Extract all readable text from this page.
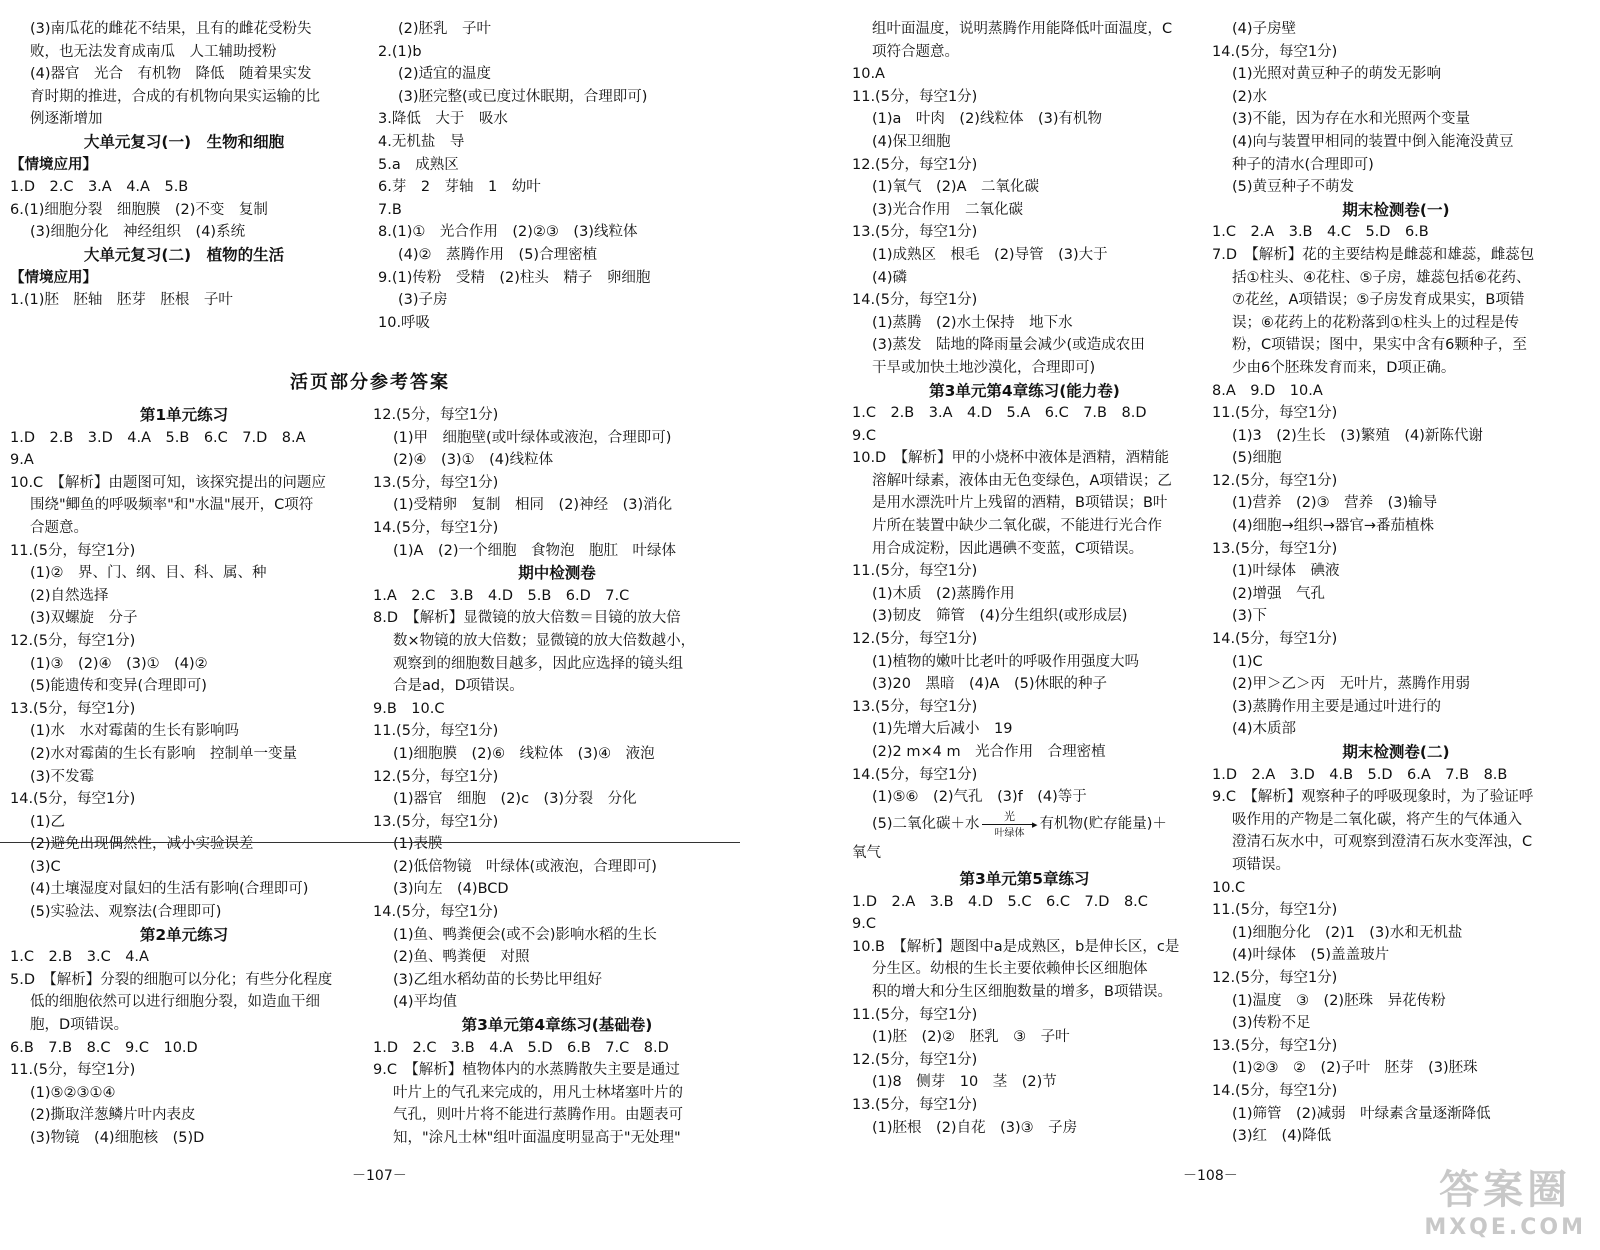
(3)南瓜花的雌花不结果，且有的雌花受粉失
败，也无法发育成南瓜　人工辅助授粉
(4)器官　光合　有机物　降低　随着果实发
育时期的推进，合成的有机物向果实运输的比
例逐渐增加
大单元复习(一)　生物和细胞
【情境应用】
1.D　2.C　3.A　4.A　5.B
6.(1)细胞分裂　细胞膜　(2)不变　复制
(3)细胞分化　神经组织　(4)系统
大单元复习(二)　植物的生活
【情境应用】
1.(1)胚　胚轴　胚芽　胚根　子叶
(2)胚乳　子叶
2.(1)b
(2)适宜的温度
(3)胚完整(或已度过休眠期，合理即可)
3.降低　大于　吸水
4.无机盐　导
5.a　成熟区
6.芽　2　芽轴　1　幼叶
7.B
8.(1)①　光合作用　(2)②③　(3)线粒体
(4)②　蒸腾作用　(5)合理密植
9.(1)传粉　受精　(2)柱头　精子　卵细胞
(3)子房
10.呼吸
活页部分参考答案
第1单元练习
1.D　2.B　3.D　4.A　5.B　6.C　7.D　8.A
9.A
10.C　【解析】由题图可知，该探究提出的问题应
围绕"鲫鱼的呼吸频率"和"水温"展开，C项符
合题意。
11.(5分，每空1分)
(1)②　界、门、纲、目、科、属、种
(2)自然选择
(3)双螺旋　分子
12.(5分，每空1分)
(1)③　(2)④　(3)①　(4)②
(5)能遗传和变异(合理即可)
13.(5分，每空1分)
(1)水　水对霉菌的生长有影响吗
(2)水对霉菌的生长有影响　控制单一变量
(3)不发霉
14.(5分，每空1分)
(1)乙
(2)避免出现偶然性，减小实验误差
(3)C
(4)土壤湿度对鼠妇的生活有影响(合理即可)
(5)实验法、观察法(合理即可)
第2单元练习
1.C　2.B　3.C　4.A
5.D　【解析】分裂的细胞可以分化；有些分化程度
低的细胞依然可以进行细胞分裂，如造血干细
胞，D项错误。
6.B　7.B　8.C　9.C　10.D
11.(5分，每空1分)
(1)⑤②③①④
(2)撕取洋葱鳞片叶内表皮
(3)物镜　(4)细胞核　(5)D
12.(5分，每空1分)
(1)甲　细胞壁(或叶绿体或液泡，合理即可)
(2)④　(3)①　(4)线粒体
13.(5分，每空1分)
(1)受精卵　复制　相同　(2)神经　(3)消化
14.(5分，每空1分)
(1)A　(2)一个细胞　食物泡　胞肛　叶绿体
期中检测卷
1.A　2.C　3.B　4.D　5.B　6.D　7.C
8.D　【解析】显微镜的放大倍数＝目镜的放大倍
数×物镜的放大倍数；显微镜的放大倍数越小，
观察到的细胞数目越多，因此应选择的镜头组
合是ad，D项错误。
9.B　10.C
11.(5分，每空1分)
(1)细胞膜　(2)⑥　线粒体　(3)④　液泡
12.(5分，每空1分)
(1)器官　细胞　(2)c　(3)分裂　分化
13.(5分，每空1分)
(1)表膜
(2)低倍物镜　叶绿体(或液泡，合理即可)
(3)向左　(4)BCD
14.(5分，每空1分)
(1)鱼、鸭粪便会(或不会)影响水稻的生长
(2)鱼、鸭粪便　对照
(3)乙组水稻幼苗的长势比甲组好
(4)平均值
第3单元第4章练习(基础卷)
1.D　2.C　3.B　4.A　5.D　6.B　7.C　8.D
9.C　【解析】植物体内的水蒸腾散失主要是通过
叶片上的气孔来完成的，用凡士林堵塞叶片的
气孔，则叶片将不能进行蒸腾作用。由题表可
知，"涂凡士林"组叶面温度明显高于"无处理"
－107－
组叶面温度，说明蒸腾作用能降低叶面温度，C
项符合题意。
10.A
11.(5分，每空1分)
(1)a　叶肉　(2)线粒体　(3)有机物
(4)保卫细胞
12.(5分，每空1分)
(1)氧气　(2)A　二氧化碳
(3)光合作用　二氧化碳
13.(5分，每空1分)
(1)成熟区　根毛　(2)导管　(3)大于
(4)磷
14.(5分，每空1分)
(1)蒸腾　(2)水土保持　地下水
(3)蒸发　陆地的降雨量会减少(或造成农田
干旱或加快土地沙漠化，合理即可)
第3单元第4章练习(能力卷)
1.C　2.B　3.A　4.D　5.A　6.C　7.B　8.D
9.C
10.D　【解析】甲的小烧杯中液体是酒精，酒精能
溶解叶绿素，液体由无色变绿色，A项错误；乙
是用水漂洗叶片上残留的酒精，B项错误；B叶
片所在装置中缺少二氧化碳，不能进行光合作
用合成淀粉，因此遇碘不变蓝，C项错误。
11.(5分，每空1分)
(1)木质　(2)蒸腾作用
(3)韧皮　筛管　(4)分生组织(或形成层)
12.(5分，每空1分)
(1)植物的嫩叶比老叶的呼吸作用强度大吗
(3)20　黑暗　(4)A　(5)休眠的种子
13.(5分，每空1分)
(1)先增大后减小　19
(2)2 m×4 m　光合作用　合理密植
14.(5分，每空1分)
(1)⑤⑥　(2)气孔　(3)f　(4)等于
(5)二氧化碳＋水	光
▸
叶绿体
有机物(贮存能量)＋
氧气
第3单元第5章练习
1.D　2.A　3.B　4.D　5.C　6.C　7.D　8.C
9.C
10.B　【解析】题图中a是成熟区，b是伸长区，c是
分生区。幼根的生长主要依赖伸长区细胞体
积的增大和分生区细胞数量的增多，B项错误。
11.(5分，每空1分)
(1)胚　(2)②　胚乳　③　子叶
12.(5分，每空1分)
(1)8　侧芽　10　茎　(2)节
13.(5分，每空1分)
(1)胚根　(2)自花　(3)③　子房
(4)子房壁
14.(5分，每空1分)
(1)光照对黄豆种子的萌发无影响
(2)水
(3)不能，因为存在水和光照两个变量
(4)向与装置甲相同的装置中倒入能淹没黄豆
种子的清水(合理即可)
(5)黄豆种子不萌发
期末检测卷(一)
1.C　2.A　3.B　4.C　5.D　6.B
7.D　【解析】花的主要结构是雌蕊和雄蕊，雌蕊包
括①柱头、④花柱、⑤子房，雄蕊包括⑥花药、
⑦花丝，A项错误；⑤子房发育成果实，B项错
误；⑥花药上的花粉落到①柱头上的过程是传
粉，C项错误；图中，果实中含有6颗种子，至
少由6个胚珠发育而来，D项正确。
8.A　9.D　10.A
11.(5分，每空1分)
(1)3　(2)生长　(3)繁殖　(4)新陈代谢
(5)细胞
12.(5分，每空1分)
(1)营养　(2)③　营养　(3)输导
(4)细胞→组织→器官→番茄植株
13.(5分，每空1分)
(1)叶绿体　碘液
(2)增强　气孔
(3)下
14.(5分，每空1分)
(1)C
(2)甲＞乙＞丙　无叶片，蒸腾作用弱
(3)蒸腾作用主要是通过叶进行的
(4)木质部
期末检测卷(二)
1.D　2.A　3.D　4.B　5.D　6.A　7.B　8.B
9.C　【解析】观察种子的呼吸现象时，为了验证呼
吸作用的产物是二氧化碳，将产生的气体通入
澄清石灰水中，可观察到澄清石灰水变浑浊，C
项错误。
10.C
11.(5分，每空1分)
(1)细胞分化　(2)1　(3)水和无机盐
(4)叶绿体　(5)盖盖玻片
12.(5分，每空1分)
(1)温度　③　(2)胚珠　异花传粉
(3)传粉不足
13.(5分，每空1分)
(1)②③　②　(2)子叶　胚芽　(3)胚珠
14.(5分，每空1分)
(1)筛管　(2)减弱　叶绿素含量逐渐降低
(3)红　(4)降低
－108－	答案圈
MXQE.COM
